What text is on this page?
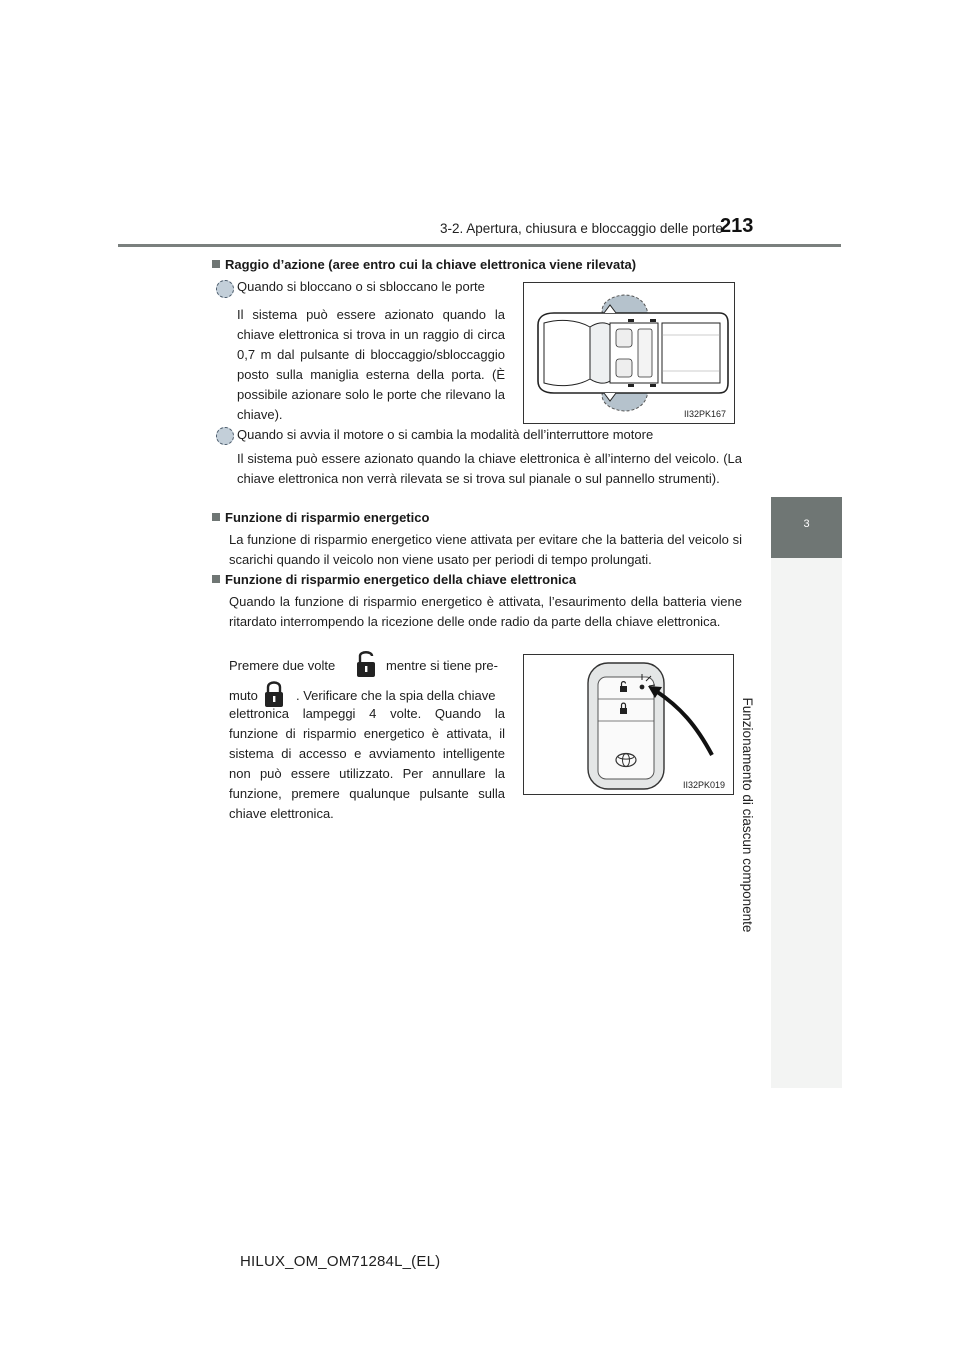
3-2. Apertura, chiusura e bloccaggio delle porte
213
3
Funzionamento di ciascun componente
Raggio d’azione (aree entro cui la chiave elettronica viene rilevata)
Quando si bloccano o si sbloccano le porte
Il sistema può essere azionato quando la chiave elettronica si trova in un raggio di circa 0,7 m dal pulsante di bloccaggio/sbloccaggio posto sulla maniglia esterna della porta. (È possibile azionare solo le porte che rilevano la chiave).	II32PK167
Quando si avvia il motore o si cambia la modalità dell’interruttore motore
Il sistema può essere azionato quando la chiave elettronica è all’interno del veicolo. (La chiave elettronica non verrà rilevata se si trova sul pianale o sul pannello strumenti).
Funzione di risparmio energetico
La funzione di risparmio energetico viene attivata per evitare che la batteria del veicolo si scarichi quando il veicolo non viene usato per periodi di tempo prolungati.
Funzione di risparmio energetico della chiave elettronica
Quando la funzione di risparmio energetico è attivata, l’esaurimento della batteria viene ritardato interrompendo la ricezione delle onde radio da parte della chiave elettronica.
Premere due volte	mentre si tiene pre-
muto	. Verificare che la spia della chiave
elettronica lampeggi 4 volte. Quando la funzione di risparmio energetico è attivata, il sistema di accesso e avviamento intelligente non può essere utilizzato. Per annullare la funzione, premere qualunque pulsante sulla chiave elettronica.
II32PK019
HILUX_OM_OM71284L_(EL)
